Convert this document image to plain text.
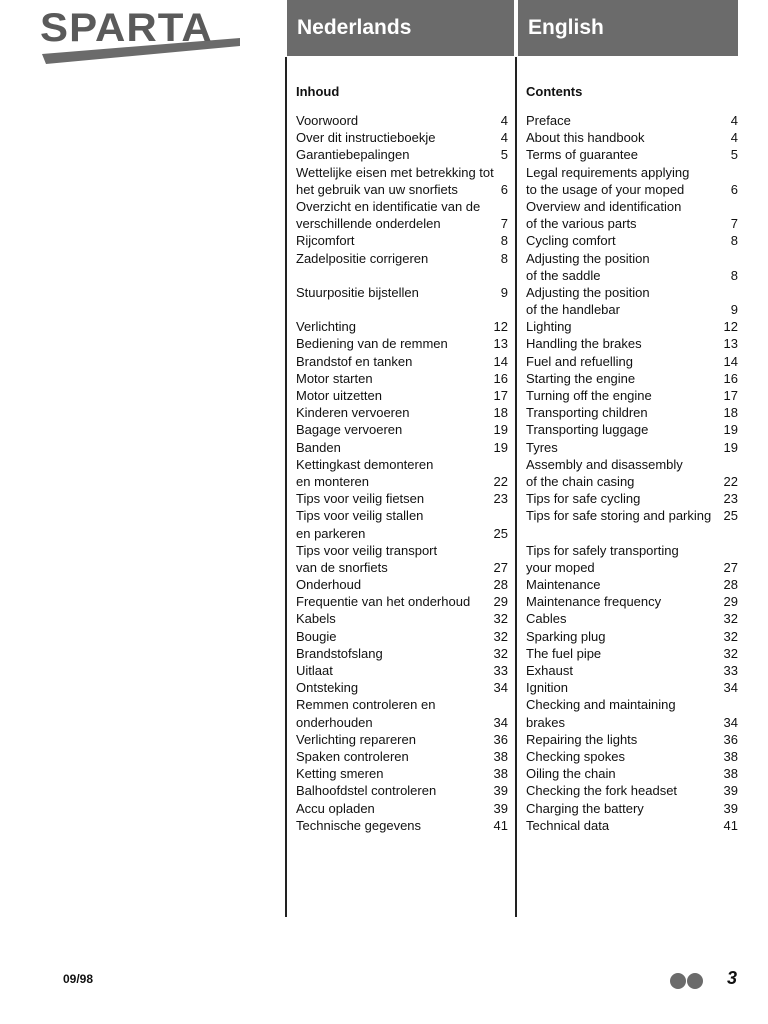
SPARTA	Nederlands	English
Inhoud
Voorwoord	4
Over dit instructieboekje	4
Garantiebepalingen	5
Wettelijke eisen met betrekking tot
het gebruik van uw snorfiets	6
Overzicht en identificatie van de
verschillende onderdelen	7
Rijcomfort	8
Zadelpositie corrigeren	8
Stuurpositie bijstellen	9
Verlichting	12
Bediening van de remmen	13
Brandstof en tanken	14
Motor starten	16
Motor uitzetten	17
Kinderen vervoeren	18
Bagage vervoeren	19
Banden	19
Kettingkast demonteren
en monteren	22
Tips voor veilig fietsen	23
Tips voor veilig stallen
en parkeren	25
Tips voor veilig transport
van de snorfiets	27
Onderhoud	28
Frequentie van het onderhoud 29
Kabels	32
Bougie	32
Brandstofslang	32
Uitlaat	33
Ontsteking	34
Remmen controleren en
onderhouden	34
Verlichting repareren	36
Spaken controleren	38
Ketting smeren	38
Balhoofdstel controleren	39
Accu opladen	39
Technische gegevens	41
Contents
Preface	4
About this handbook	4
Terms of guarantee	5
Legal requirements applying
to the usage of your moped	6
Overview and identification
of the various parts	7
Cycling comfort	8
Adjusting the position
of the saddle	8
Adjusting the position
of the handlebar	9
Lighting	12
Handling the brakes	13
Fuel and refuelling	14
Starting the engine	16
Turning off the engine	17
Transporting children	18
Transporting luggage	19
Tyres	19
Assembly and disassembly
of the chain casing	22
Tips for safe cycling	23
Tips for safe storing and parking 25
Tips for safely transporting
your moped	27
Maintenance	28
Maintenance frequency	29
Cables	32
Sparking plug	32
The fuel pipe	32
Exhaust	33
Ignition	34
Checking and maintaining
brakes	34
Repairing the lights	36
Checking spokes	38
Oiling the chain	38
Checking the fork headset	39
Charging the battery	39
Technical data	41
09/98	3
